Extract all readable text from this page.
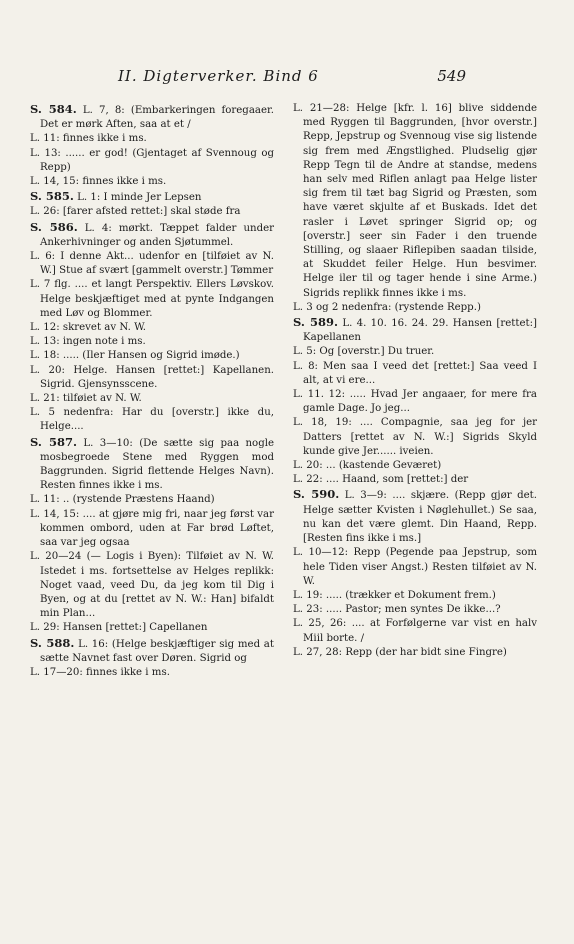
II. Digterverker. Bind 6	549

S. 584. L. 7, 8: (Embarkeringen foregaaer. Det er mørk Aften, saa at et /

L. 11: finnes ikke i ms.

L. 13: ...... er god! (Gjentaget af Svennoug og Repp)

L. 14, 15: finnes ikke i ms.

S. 585. L. 1: I minde Jer Lepsen

L. 26: [farer afsted rettet:] skal støde fra

S. 586. L. 4: mørkt. Tæppet falder under Ankerhivninger og anden Sjøtummel.

L. 6: I denne Akt... udenfor en [tilføiet av N. W.] Stue af svært [gammelt overstr.] Tømmer

L. 7 flg. .... et langt Perspektiv. Ellers Løvskov. Helge beskjæftiget med at pynte Indgangen med Løv og Blommer.

L. 12: skrevet av N. W.

L. 13: ingen note i ms.

L. 18: ..... (Iler Hansen og Sigrid imøde.)

L. 20: Helge. Hansen [rettet:] Kapellanen. Sigrid. Gjensynsscene.

L. 21: tilføiet av N. W.

L. 5 nedenfra: Har du [overstr.] ikke du, Helge....

S. 587. L. 3—10: (De sætte sig paa nogle mosbegroede Stene med Ryggen mod Baggrunden. Sigrid flettende Helges Navn). Resten finnes ikke i ms.

L. 11: .. (rystende Præstens Haand)

L. 14, 15: .... at gjøre mig fri, naar jeg først var kommen ombord, uden at Far brød Løftet, saa var jeg ogsaa

L. 20—24 (— Logis i Byen): Tilføiet av N. W. Istedet i ms. fortsettelse av Helges replikk: Noget vaad, veed Du, da jeg kom til Dig i Byen, og at du [rettet av N. W.: Han] bifaldt min Plan...

L. 29: Hansen [rettet:] Capellanen

S. 588. L. 16: (Helge beskjæftiger sig med at sætte Navnet fast over Døren. Sigrid og

L. 17—20: finnes ikke i ms.

L. 21—28: Helge [kfr. l. 16] blive siddende med Ryggen til Baggrunden, [hvor overstr.] Repp, Jepstrup og Svennoug vise sig listende sig frem med Ængstlighed. Pludselig gjør Repp Tegn til de Andre at standse, medens han selv med Riflen anlagt paa Helge lister sig frem til tæt bag Sigrid og Præsten, som have været skjulte af et Buskads. Idet det rasler i Løvet springer Sigrid op; og [overstr.] seer sin Fader i den truende Stilling, og slaaer Riflepiben saadan tilside, at Skuddet feiler Helge. Hun besvimer. Helge iler til og tager hende i sine Arme.) Sigrids replikk finnes ikke i ms.

L. 3 og 2 nedenfra: (rystende Repp.)

S. 589. L. 4. 10. 16. 24. 29. Hansen [rettet:] Kapellanen

L. 5: Og [overstr.] Du truer.

L. 8: Men saa I veed det [rettet:] Saa veed I alt, at vi ere...

L. 11. 12: ..... Hvad Jer angaaer, for mere fra gamle Dage. Jo jeg...

L. 18, 19: .... Compagnie, saa jeg for jer Datters [rettet av N. W.:] Sigrids Skyld kunde give Jer...... iveien.

L. 20: ... (kastende Geværet)

L. 22: .... Haand, som [rettet:] der

S. 590. L. 3—9: .... skjære. (Repp gjør det. Helge sætter Kvisten i Nøglehullet.) Se saa, nu kan det være glemt. Din Haand, Repp. [Resten fins ikke i ms.]

L. 10—12: Repp (Pegende paa Jepstrup, som hele Tiden viser Angst.) Resten tilføiet av N. W.

L. 19: ..... (trækker et Dokument frem.)

L. 23: ..... Pastor; men syntes De ikke...?

L. 25, 26: .... at Forfølgerne var vist en halv Miil borte. /

L. 27, 28: Repp (der har bidt sine Fingre)
